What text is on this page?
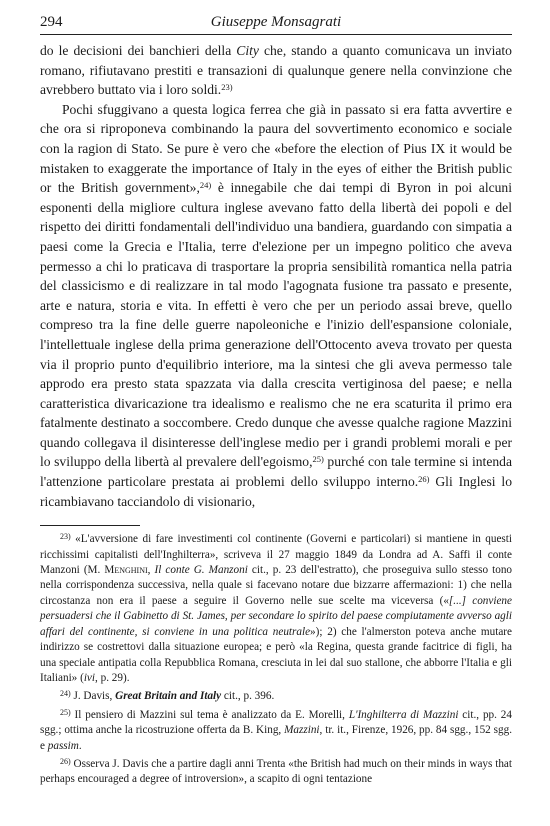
294	Giuseppe Monsagrati

do le decisioni dei banchieri della City che, stando a quanto comunicava un inviato romano, rifiutavano prestiti e transazioni di qualunque genere nella convinzione che avrebbero buttato via i loro soldi.$^{23)}$

Pochi sfuggivano a questa logica ferrea che già in passato si era fatta avvertire e che ora si riproponeva combinando la paura del sovvertimento economico e sociale con la ragion di Stato. Se pure è vero che «before the election of Pius IX it would be mistaken to exaggerate the importance of Italy in the eyes of either the British public or the British government»,$^{24)}$ è innegabile che dai tempi di Byron in poi alcuni esponenti della migliore cultura inglese avevano fatto della libertà dei popoli e del rispetto dei diritti fondamentali dell'individuo una bandiera, guardando con simpatia a paesi come la Grecia e l'Italia, terre d'elezione per un impegno politico che aveva permesso a chi lo praticava di trasportare la propria sensibilità romantica nella patria del classicismo e di realizzare in tal modo l'agognata fusione tra passato e presente, arte e natura, storia e vita. In effetti è vero che per un periodo assai breve, quello compreso tra la fine delle guerre napoleoniche e l'inizio dell'espansione coloniale, l'intellettuale inglese della prima generazione dell'Ottocento aveva trovato per questa via il proprio punto d'equilibrio interiore, ma la sintesi che gli aveva permesso tale approdo era presto stata spazzata via dalla crescita vertiginosa del paese; e nella caratteristica divaricazione tra idealismo e realismo che ne era scaturita il primo era fatalmente destinato a soccombere. Credo dunque che avesse qualche ragione Mazzini quando collegava il disinteresse dell'inglese medio per i grandi problemi morali e per lo sviluppo della libertà al prevalere dell'egoismo,$^{25)}$ purché con tale termine si intenda l'attenzione particolare prestata ai problemi dello sviluppo interno.$^{26)}$ Gli Inglesi lo ricambiavano tacciandolo di visionario,

$^{23)}$ «L'avversione di fare investimenti col continente (Governi e particolari) si mantiene in questi ricchissimi capitalisti dell'Inghilterra», scriveva il 27 maggio 1849 da Londra ad A. Saffi il conte Manzoni (M. Menghini, Il conte G. Manzoni cit., p. 23 dell'estratto), che proseguiva sullo stesso tono nella corrispondenza successiva, nella quale si facevano notare due bizzarre affermazioni: 1) che nella circostanza non era il paese a seguire il Governo nelle sue scelte ma viceversa («[...] conviene persuadersi che il Gabinetto di St. James, per secondare lo spirito del paese compiutamente avverso agli affari del continente, si conviene in una politica neutrale»); 2) che l'almerston poteva anche mutare indirizzo se costrettovi dalla situazione europea; e però «la Regina, questa grande facitrice di figli, ha una speciale antipatia colla Repubblica Romana, cresciuta in lei dal suo stallone, che abborre l'Italia e gli Italiani» (ivi, p. 29).

$^{24)}$ J. Davis, Great Britain and Italy cit., p. 396.

$^{25)}$ Il pensiero di Mazzini sul tema è analizzato da E. Morelli, L'Inghilterra di Mazzini cit., pp. 24 sgg.; ottima anche la ricostruzione offerta da B. King, Mazzini, tr. it., Firenze, 1926, pp. 84 sgg., 152 sgg. e passim.

$^{26)}$ Osserva J. Davis che a partire dagli anni Trenta «the British had much on their minds in ways that perhaps encouraged a degree of introversion», a scapito di ogni tentazione
